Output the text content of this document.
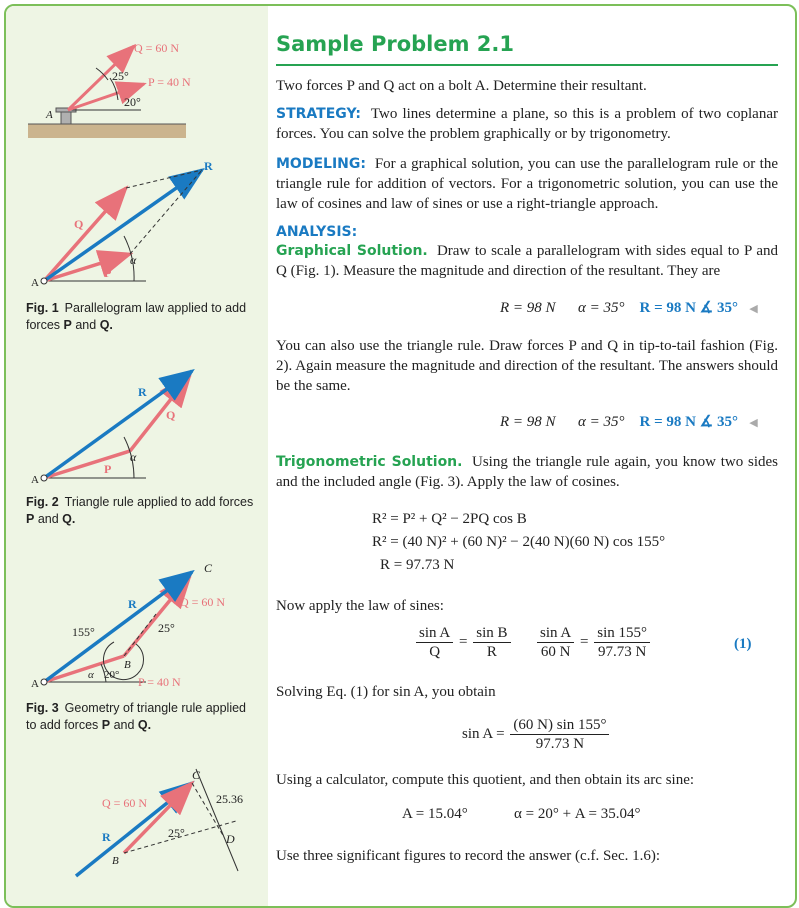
Q = 60 N
P = 40 N
25°
20°
A
R
Q
P
α
A
Fig. 1 Parallelogram law applied to add forces P and Q.
R
Q
P
α
A
Fig. 2 Triangle rule applied to add forces P and Q.
C
R	Q = 60 N
P = 40 N
155°	25°
20°
α
B
A
Fig. 3 Geometry of triangle rule applied to add forces P and Q.
C
Q = 60 N
R	25°	D
25.36
B
Sample Problem 2.1
Two forces P and Q act on a bolt A. Determine their resultant.
STRATEGY: Two lines determine a plane, so this is a problem of two coplanar forces. You can solve the problem graphically or by trigonometry.
MODELING: For a graphical solution, you can use the parallelogram rule or the triangle rule for addition of vectors. For a trigonometric solution, you can use the law of cosines and law of sines or use a right-triangle approach.
ANALYSIS:
Graphical Solution. Draw to scale a parallelogram with sides equal to P and Q (Fig. 1). Measure the magnitude and direction of the resultant. They are
R = 98 N α = 35° R = 98 N ∡ 35° ◀
You can also use the triangle rule. Draw forces P and Q in tip-to-tail fashion (Fig. 2). Again measure the magnitude and direction of the resultant. The answers should be the same.
R = 98 N α = 35° R = 98 N ∡ 35° ◀
Trigonometric Solution. Using the triangle rule again, you know two sides and the included angle (Fig. 3). Apply the law of cosines.
R² = P² + Q² − 2PQ cos B
R² = (40 N)² + (60 N)² − 2(40 N)(60 N) cos 155°
R = 97.73 N
Now apply the law of sines:
$\frac{\text{sin A}}{Q} = \frac{\text{sin B}}{R}$
$\frac{\text{sin A}}{60 N} = \frac{\sin 155^\circ}{97.73 N}$	(1)
Solving Eq. (1) for sin A, you obtain
$\sin A = \frac{(60 N) \sin 155^\circ}{97.73 N}$
Using a calculator, compute this quotient, and then obtain its arc sine:
A = 15.04°	α = 20° + A = 35.04°
Use three significant figures to record the answer (c.f. Sec. 1.6):
